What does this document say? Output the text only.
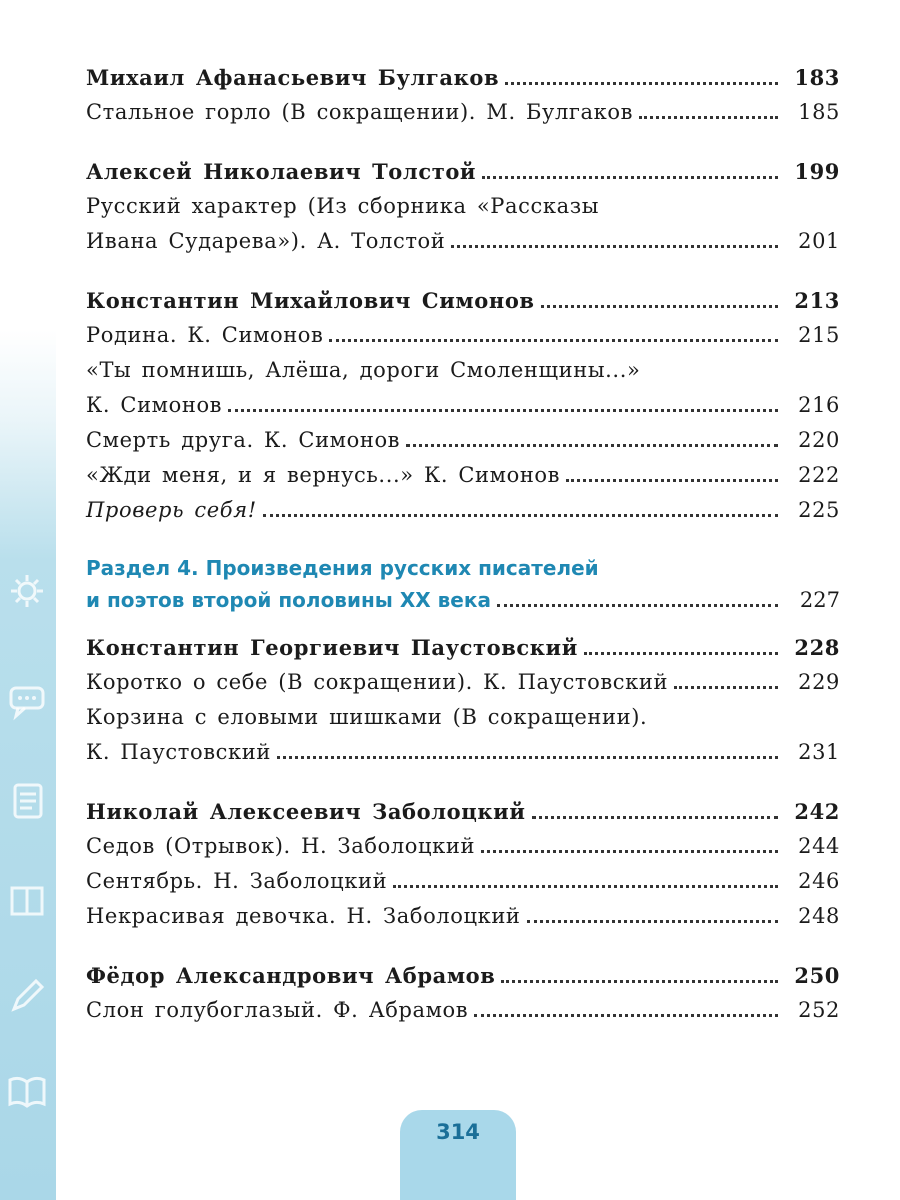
Михаил Афанасьевич Булгаков	183
Стальное горло (В сокращении). М. Булгаков	185
Алексей Николаевич Толстой	199
Русский характер (Из сборника «Рассказы
Ивана Сударева»). А. Толстой	201
Константин Михайлович Симонов	213
Родина. К. Симонов	215
«Ты помнишь, Алёша, дороги Смоленщины...»
К. Симонов	216
Смерть друга. К. Симонов	220
«Жди меня, и я вернусь...» К. Симонов	222
Проверь себя!	225
Раздел 4. Произведения русских писателей
и поэтов второй половины XX века	227
Константин Георгиевич Паустовский	228
Коротко о себе (В сокращении). К. Паустовский	229
Корзина с еловыми шишками (В сокращении).
К. Паустовский	231
Николай Алексеевич Заболоцкий	242
Седов (Отрывок). Н. Заболоцкий	244
Сентябрь. Н. Заболоцкий	246
Некрасивая девочка. Н. Заболоцкий	248
Фёдор Александрович Абрамов	250
Слон голубоглазый. Ф. Абрамов	252
314
